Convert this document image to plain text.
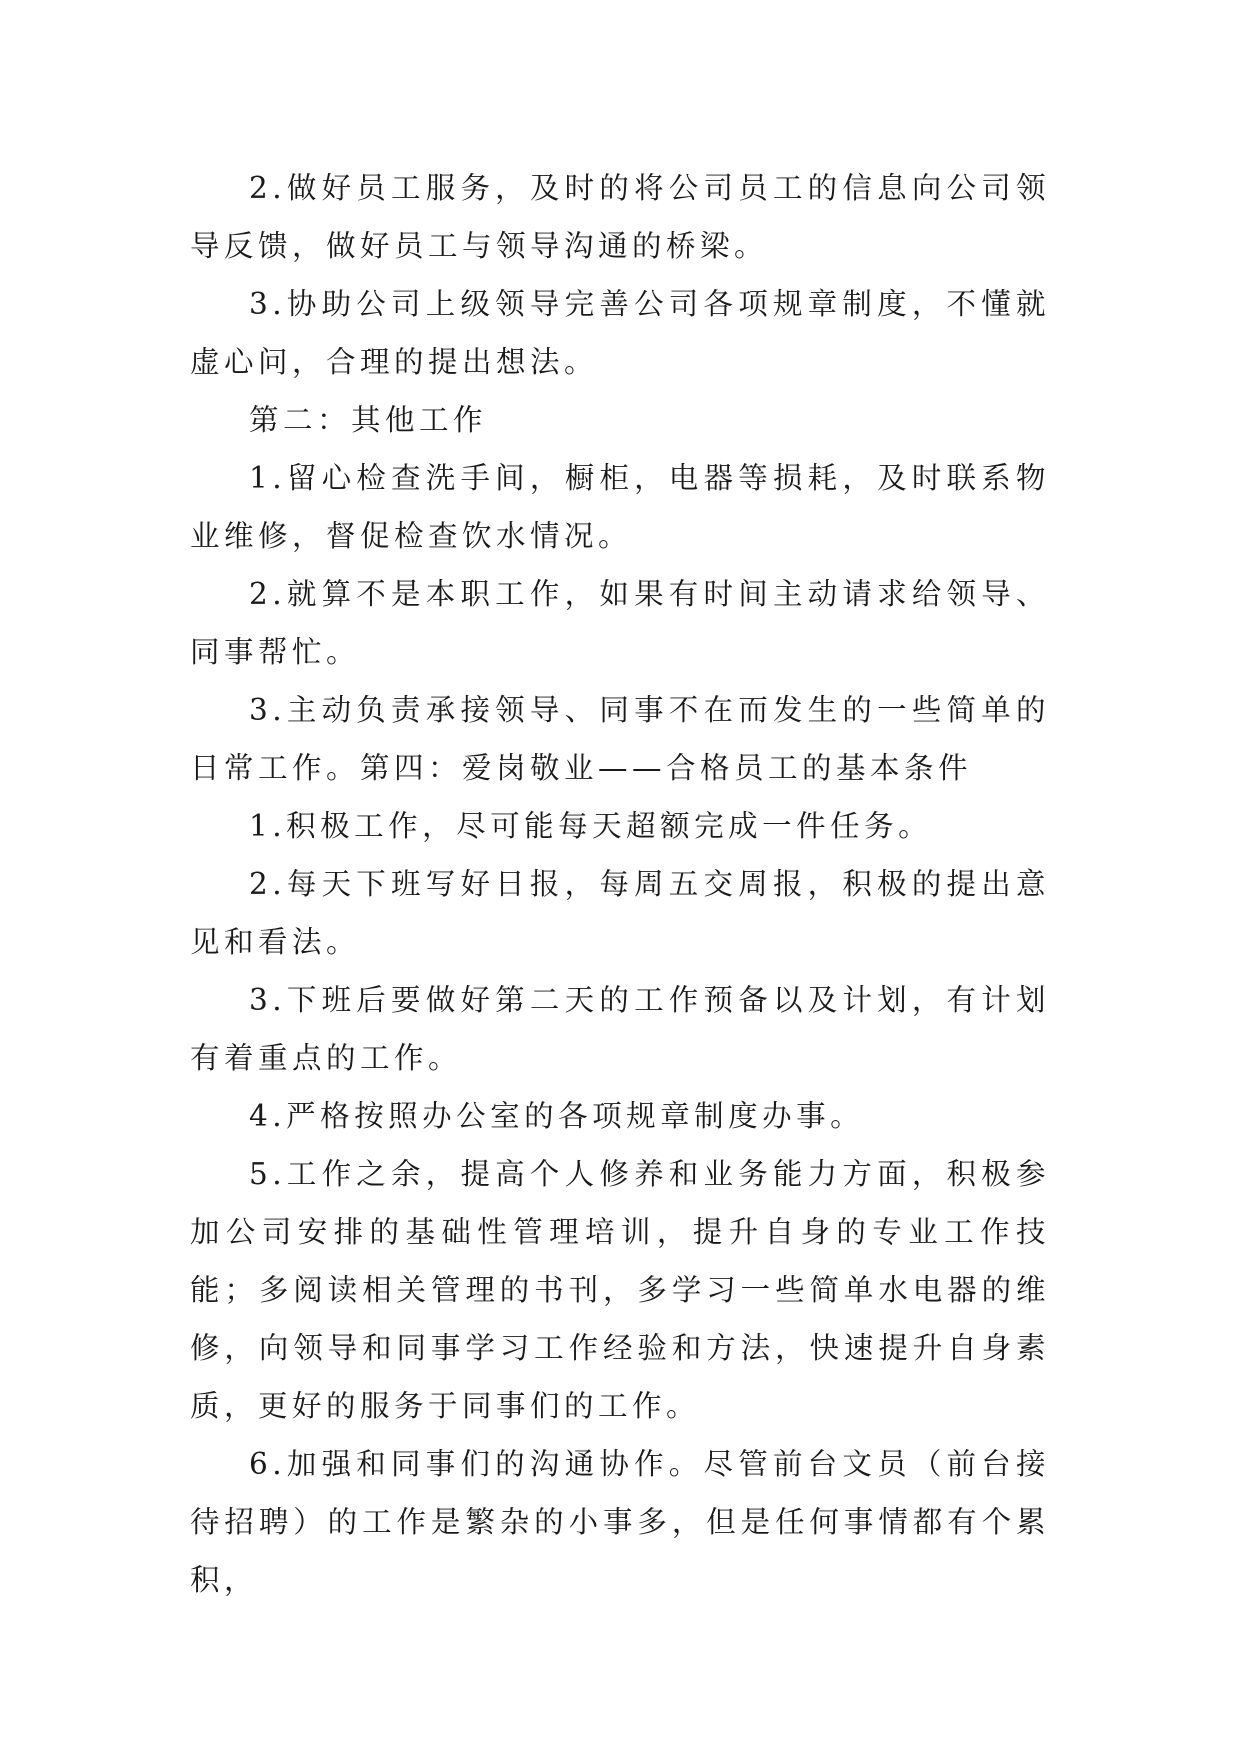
2.做好员工服务，及时的将公司员工的信息向公司领导反馈，做好员工与领导沟通的桥梁。

3.协助公司上级领导完善公司各项规章制度，不懂就虚心问，合理的提出想法。

第二：其他工作

1.留心检查洗手间，橱柜，电器等损耗，及时联系物业维修，督促检查饮水情况。

2.就算不是本职工作，如果有时间主动请求给领导、同事帮忙。

3.主动负责承接领导、同事不在而发生的一些简单的日常工作。第四：爱岗敬业——合格员工的基本条件

1.积极工作，尽可能每天超额完成一件任务。

2.每天下班写好日报，每周五交周报，积极的提出意见和看法。

3.下班后要做好第二天的工作预备以及计划，有计划有着重点的工作。

4.严格按照办公室的各项规章制度办事。

5.工作之余，提高个人修养和业务能力方面，积极参加公司安排的基础性管理培训，提升自身的专业工作技能；多阅读相关管理的书刊，多学习一些简单水电器的维修，向领导和同事学习工作经验和方法，快速提升自身素质，更好的服务于同事们的工作。

6.加强和同事们的沟通协作。尽管前台文员（前台接待招聘）的工作是繁杂的小事多，但是任何事情都有个累积，
